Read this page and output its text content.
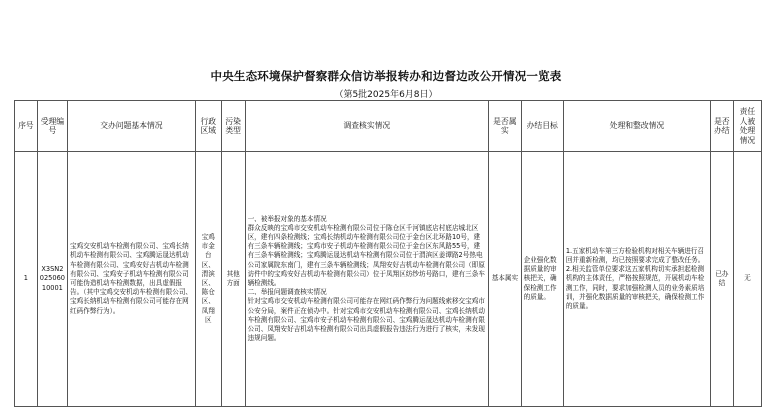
中央生态环境保护督察群众信访举报转办和边督边改公开情况一览表
（第5批2025年6月8日）
序号	受理编号	交办问题基本情况	行政区域	污染类型	调查核实情况	是否属实	办结目标	处理和整改情况	是否办结	责任人被处理情况
1	X3SN202506010001	宝鸡交安机动车检测有限公司、宝鸡长纳机动车检测有限公司、宝鸡腾运晟达机动车检测有限公司、宝鸡安好吉机动车检测有限公司、宝鸡安子机动车检测有限公司可能伪造机动车检测数据，出具虚假报告。（其中宝鸡交安机动车检测有限公司、宝鸡长纳机动车检测有限公司可能存在网红码作弊行为）。	宝鸡市金台区、渭滨区、陈仓区、凤翔区	其他方面	一、被举报对象的基本情况
群众反映的宝鸡市交安机动车检测有限公司位于陈仓区千河镇底店村底店城北区区，建有四条检测线；宝鸡长纳机动车检测有限公司位于金台区北环路10号，建有三条车辆检测线；宝鸡市安子机动车检测有限公司位于金台区东风路55号，建有三条车辆检测线；宝鸡腾运晟达机动车检测有限公司位于渭滨区姜谭路2号热电公司家属院东南门，建有三条车辆检测线；凤翔安好吉机动车检测有限公司（即原访件中的宝鸡安好吉机动车检测有限公司）位于凤翔区纺纱坊号路口，建有三条车辆检测线。
二、举报问题调查核实情况
针对宝鸡市交安机动车检测有限公司可能存在网红码作弊行为问题线索移交宝鸡市公安分局，案件正在侦办中。针对宝鸡市交安机动车检测有限公司、宝鸡长纳机动车检测有限公司、宝鸡市安子机动车检测有限公司、宝鸡腾运晟达机动车检测有限公司、凤翔安好吉机动车检测有限公司出具虚假报告违法行为进行了核实，未发现违规问题。	基本属实	企业强化数据质量的审核把关，确保检测工作的质量。	1.五家机动车第三方检验机构对相关车辆进行召回并重新检测，均已按照要求完成了整改任务。　　2.相关监管单位要求这五家机构切实承担起检测机构的主体责任，严格按照规范，开展机动车检测工作，同时，要求加强检测人员的业务素质培训，并强化数据质量的审核把关，确保检测工作的质量。	已办结	无
